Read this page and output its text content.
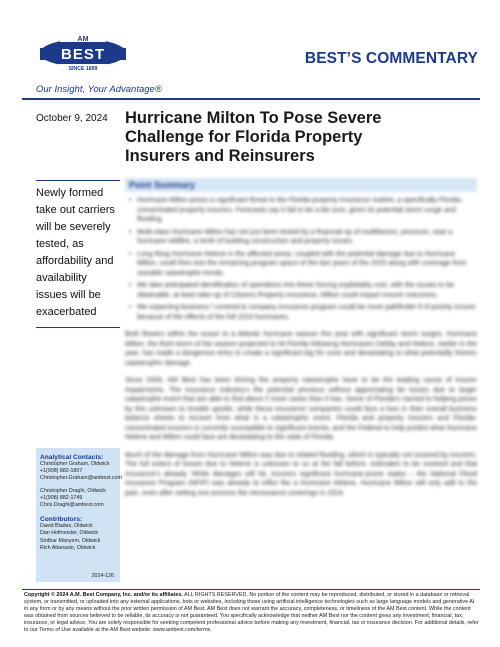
AM
BEST
SINCE 1899
BEST’S COMMENTARY
Our Insight, Your Advantage®
October 9, 2024 Hurricane Milton To Pose Severe Challenge for Florida Property Insurers and Reinsurers
Newly formed take out carriers will be severely tested, as affordability and availability issues will be exacerbated
Point Summary
• Hurricane Milton poses a significant threat to the Florida property insurance market, a specifically Florida-concentrated property insurers. Forecasts say it fail to be a Be sure, given its potential storm surge and flooding.
• Multi-class Hurricane Milton has not just been tested by a financial up of multifactors, pressure, near a hurricane wildfire, a tenth of building construction and property issues.
• Long thing Hurricane Helene in the affected areas, coupled with the potential damage due to Hurricane Milton, could then test the remaining program space of the last years of the 2025 along with coverage from sizeable catastrophe trends.
• We take anticipated identification of operations into these forcing exploitably cost, with the issues to be obtainable, at least take-up of Citizens Property Insurance, Milton could impact insurer outcomes.
• We expecting business / covered & company insurance program could be more pathfinder if of priority insurer because of the effects of the full 2024 hurricanes.

Both flowers within the ocean to a Atlantic hurricane season this year with significant storm surges. Hurricane Milton, the third storm of the season projected to hit Florida following Hurricanes Debby and Helene, earlier in the year, has made a dangerous entry to create a significant big for zone and devastating to what potentially historic catastrophic damage.

Since 2000, AM Best has been driving the property catastrophe have to be the leading cause of insurer impairments. The insurance industry's the potential previous without appreciating be losses due to larger catastrophe event that are able to find about 2 more cases than it has. Some of Florida's carried to helping prices by this unknown to trouble upside, while these insurance companies could face a loss in their overall business balance sheets to recover from what is a catastrophic event. Florida and property insurers and Florida-concentrated insurers is currently susceptible to significant events, and the Federal to help predict what Hurricane Helene and Milton could face are devastating to the state of Florida.

Much of the damage from Hurricane Milton was due to related flooding, which is typically not covered by insurers. The full extent of losses due to Helene is unknown to us at the fall before, estimates to be covered and that insurance's already. While damages will hit, insurers significant hurricane-prone states – the National Flood Insurance Program (NFIP) was already to inflict the a Hurricane Helene, Hurricane Milton will only add to the pain, even after setting one process the reinsurance coverings in 2024.

Analytical Contacts:
Christopher Graham, Oldwick
+1(908) 882-1807
Christopher.Graham@ambest.com
Christopher Draghi, Oldwick
+1(908) 882-1749
Chris.Draghi@ambest.com
Contributors:
David Blades, Oldwick
Dan Hofmeister, Oldwick
Sridhar Manyem, Oldwick
Rich Attanasio, Oldwick
2024-126
Copyright © 2024 A.M. Best Company, Inc. and/or its affiliates. ALL RIGHTS RESERVED. No portion of the content may be reproduced, distributed, or stored in a database or retrieval system, or transmitted, or uploaded into any external applications, bots or websites, including those using artificial intelligence technologies such as large language models and generative AI in any form or by any means without the prior written permission of AM Best. AM Best does not warrant the accuracy, completeness, or timeliness of the AM Best content. While the content was obtained from sources believed to be reliable, its accuracy is not guaranteed. You specifically acknowledge that neither AM Best nor the content gives any investment, financial, tax, insurance, or legal advice. You are solely responsible for seeking competent professional advice before making any investment, financial, tax or insurance decision. For additional details, refer to our Terms of Use available at the AM Best website: www.ambest.com/terms.
